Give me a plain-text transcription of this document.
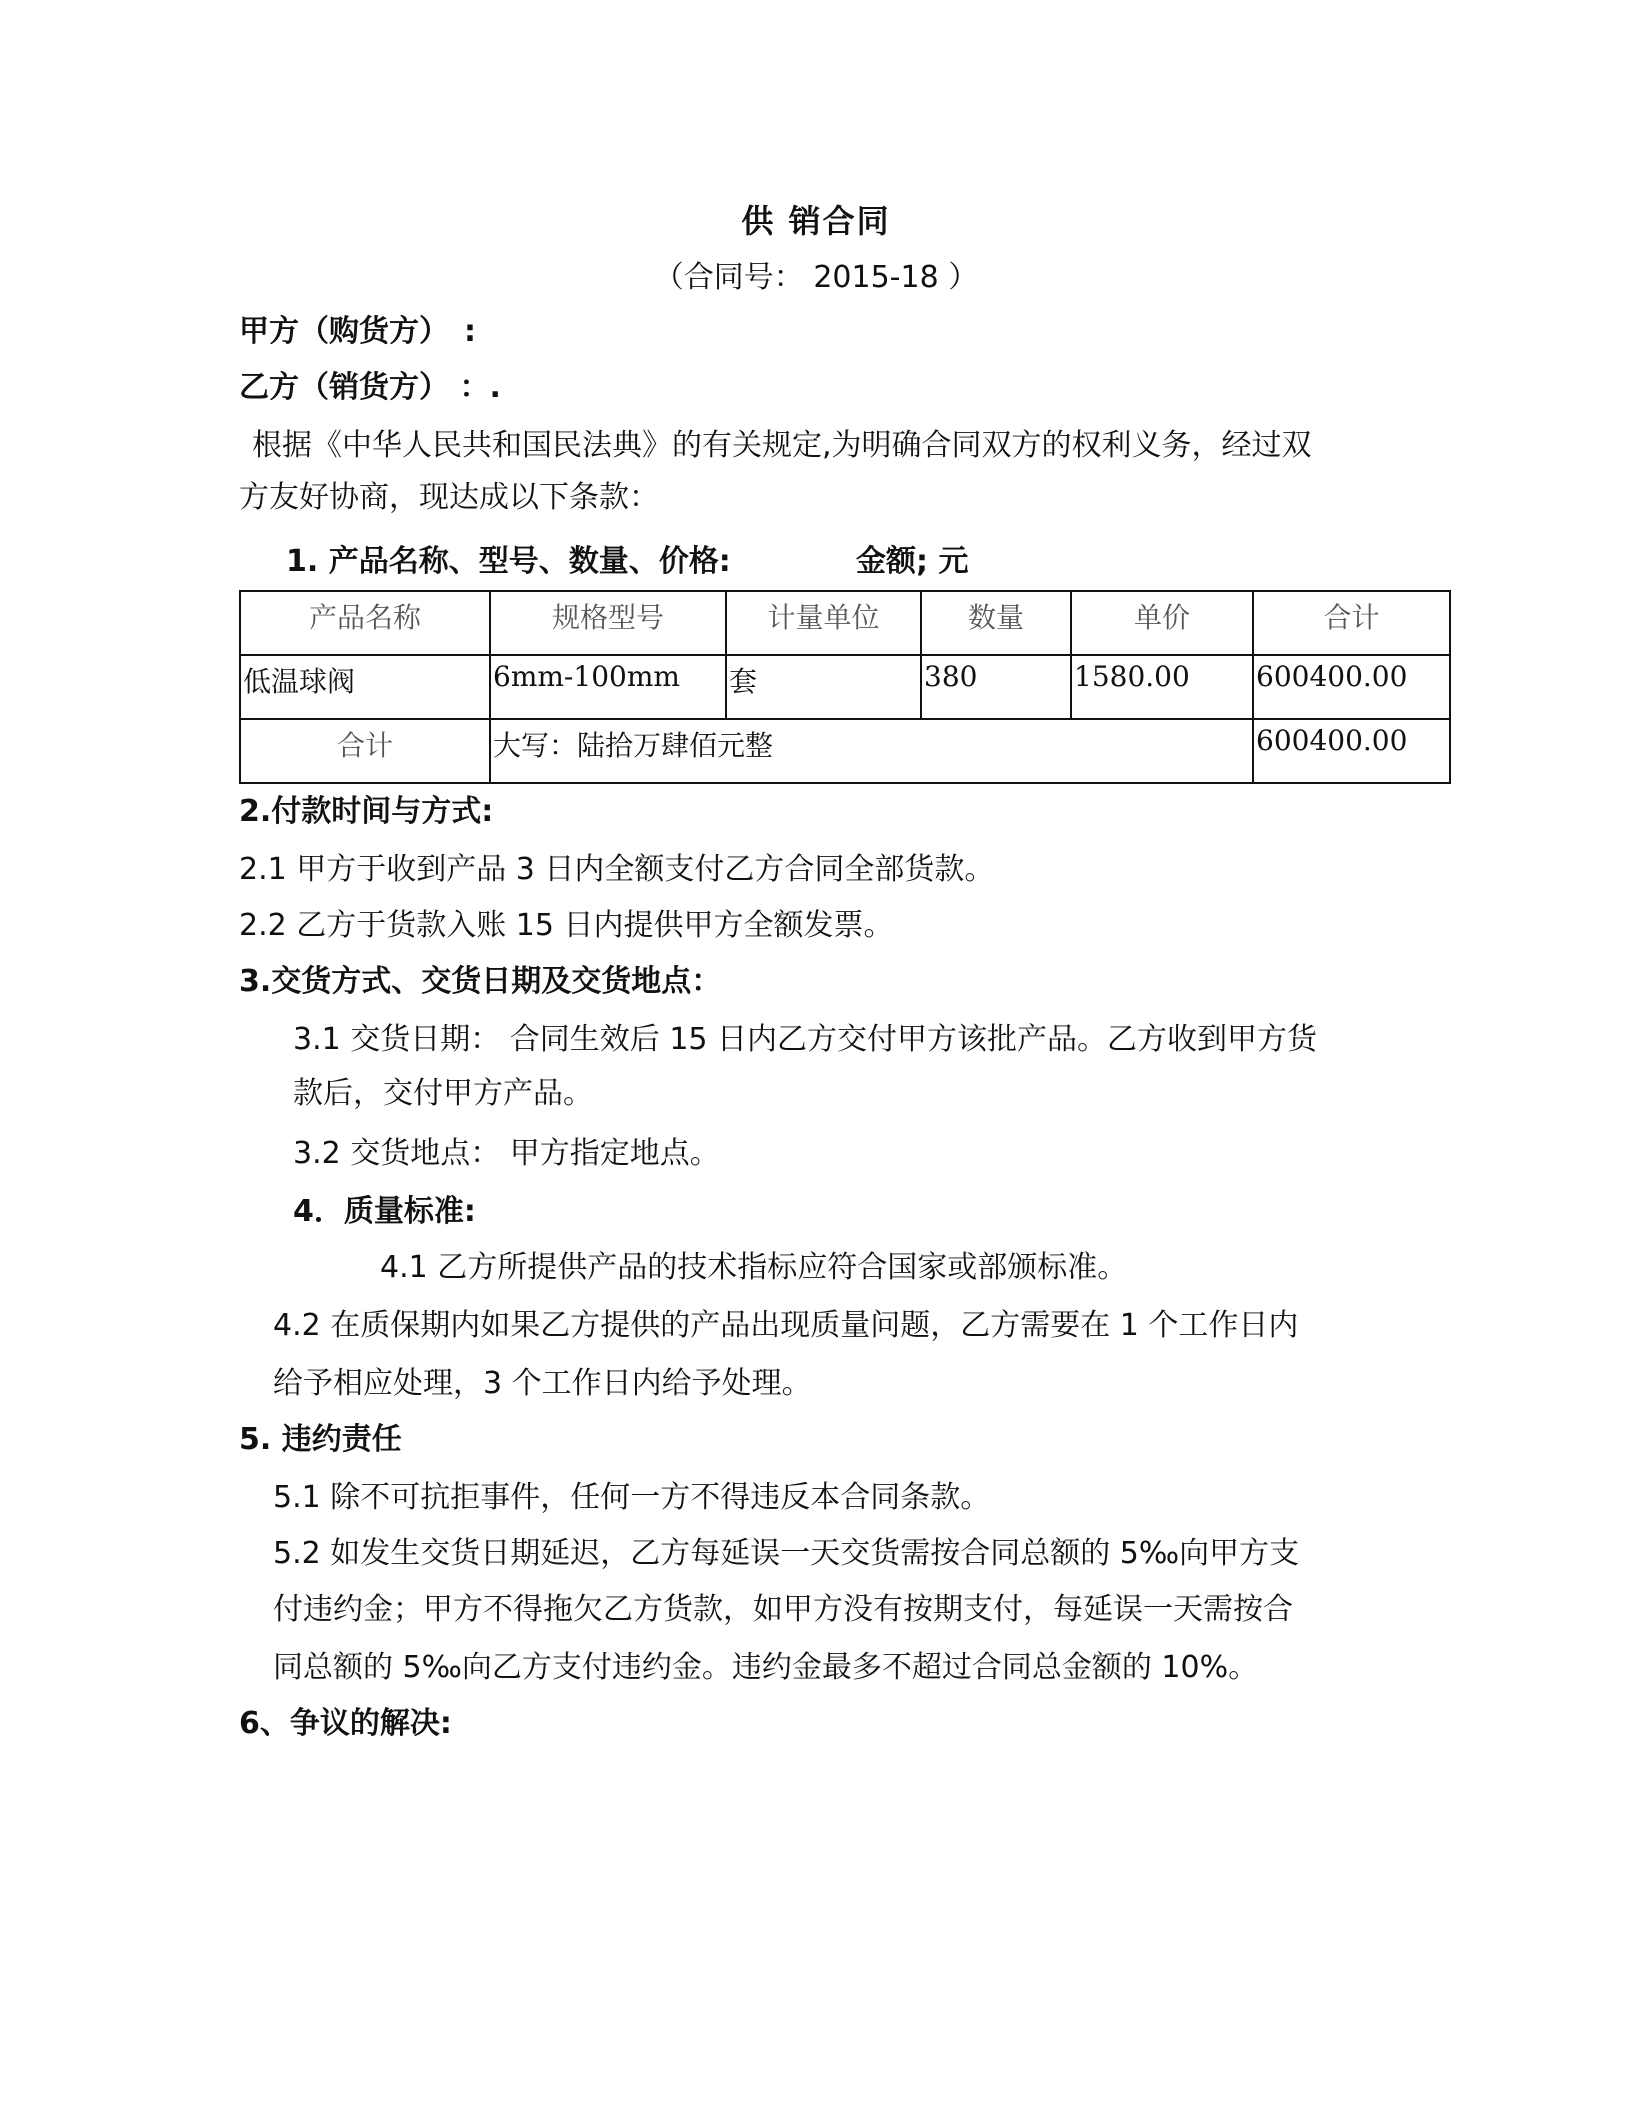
供 销合同
（合同号： 2015-18 ）
甲方（购货方）　:
乙方（销货方） ：.
根据《中华人民共和国民法典》的有关规定,为明确合同双方的权利义务，经过双
方友好协商，现达成以下条款：
1. 产品名称、型号、数量、价格:	金额; 元
产品名称	规格型号	计量单位	数量	单价	合计
低温球阀	6mm-100mm	套	380	1580.00	600400.00
合计	大写：陆拾万肆佰元整				600400.00
2.付款时间与方式:
2.1 甲方于收到产品 3 日内全额支付乙方合同全部货款。
2.2 乙方于货款入账 15 日内提供甲方全额发票。
3.交货方式、交货日期及交货地点：
3.1 交货日期： 合同生效后 15 日内乙方交付甲方该批产品。乙方收到甲方货
款后，交付甲方产品。
3.2 交货地点： 甲方指定地点。
4．质量标准:
4.1 乙方所提供产品的技术指标应符合国家或部颁标准。
4.2 在质保期内如果乙方提供的产品出现质量问题，乙方需要在 1 个工作日内
给予相应处理，3 个工作日内给予处理。
5. 违约责任
5.1 除不可抗拒事件，任何一方不得违反本合同条款。
5.2 如发生交货日期延迟，乙方每延误一天交货需按合同总额的 5‰向甲方支
付违约金；甲方不得拖欠乙方货款，如甲方没有按期支付，每延误一天需按合
同总额的 5‰向乙方支付违约金。违约金最多不超过合同总金额的 10%。
6、争议的解决:
